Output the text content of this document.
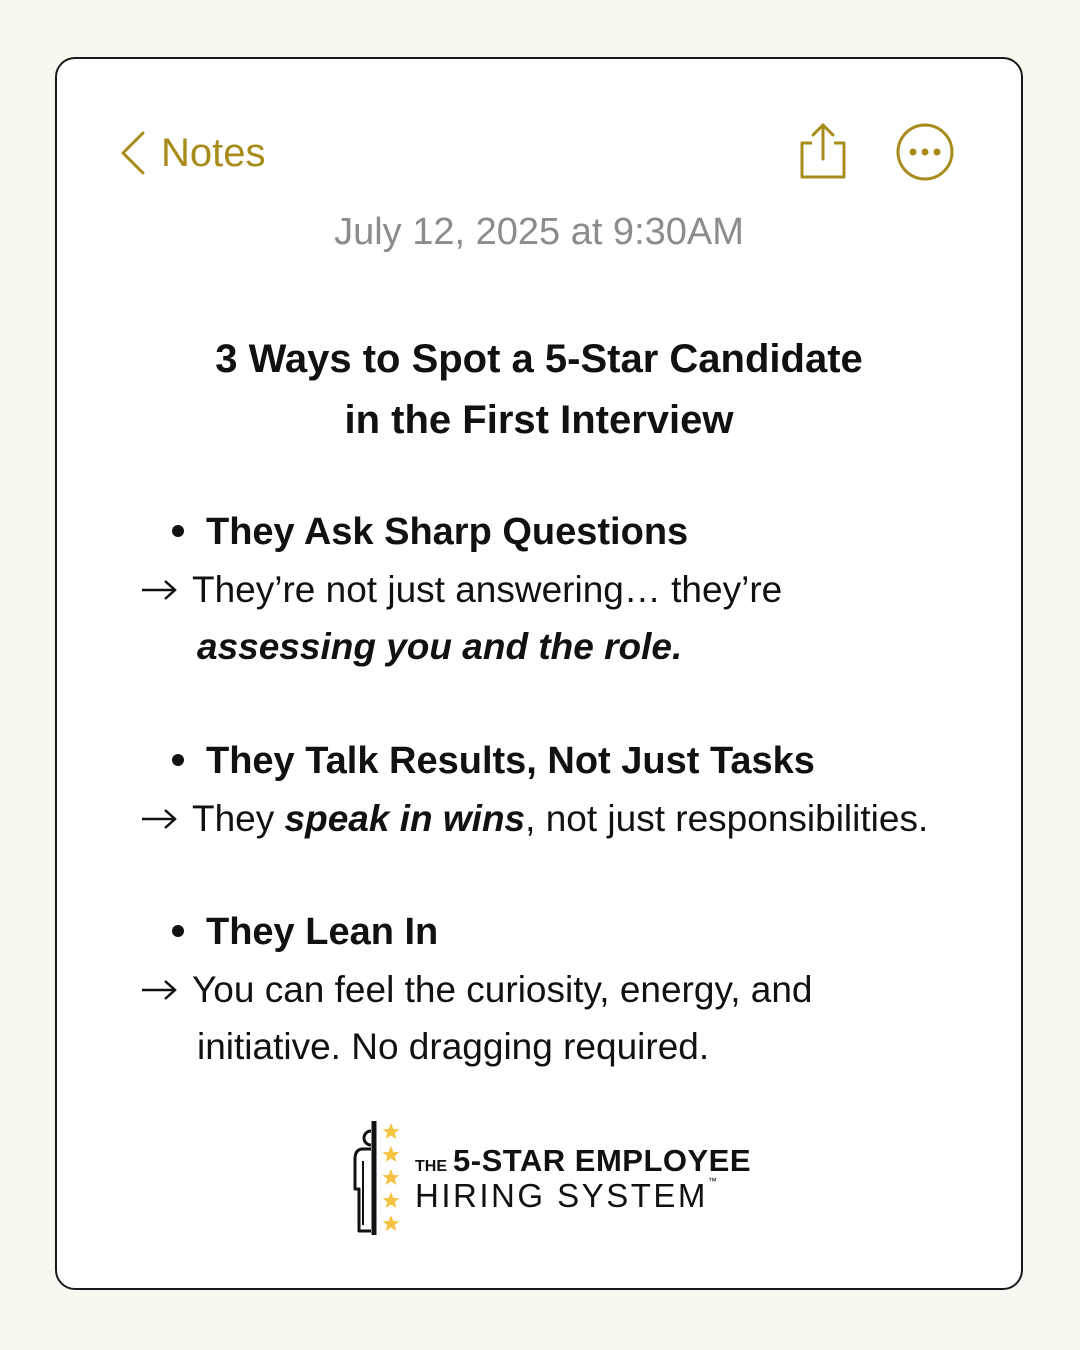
Notes
July 12, 2025 at 9:30AM
3 Ways to Spot a 5-Star Candidate
in the First Interview
They Ask Sharp Questions
They’re not just answering… they’re
assessing you and the role.
They Talk Results, Not Just Tasks
They speak in wins, not just responsibilities.
They Lean In
You can feel the curiosity, energy, and
initiative. No dragging required.
THE 5-STAR EMPLOYEE
HIRING SYSTEM™
